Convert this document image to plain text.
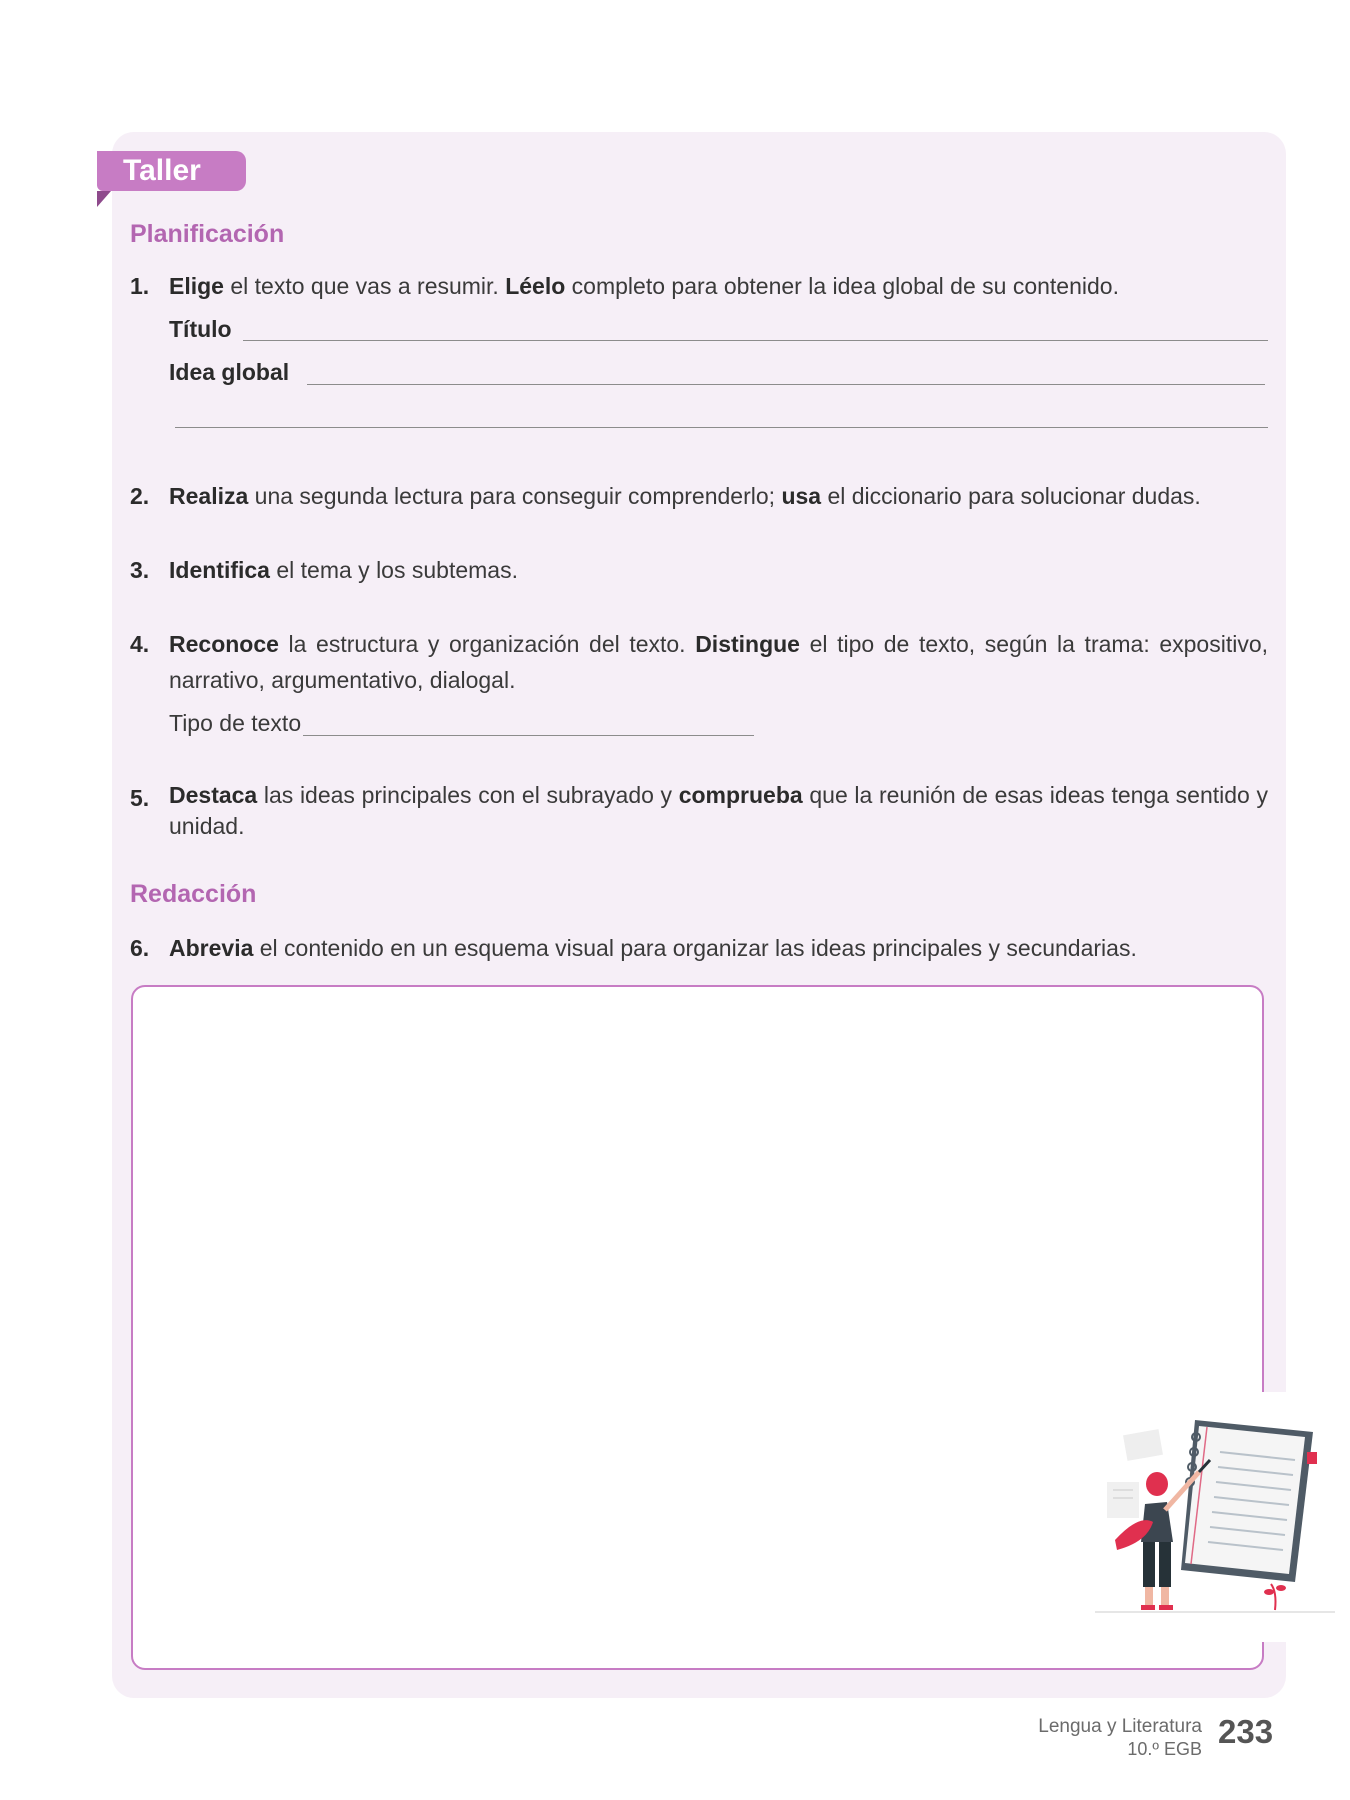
Taller
Planificación
1. Elige el texto que vas a resumir. Léelo completo para obtener la idea global de su contenido.
Título
Idea global
2. Realiza una segunda lectura para conseguir comprenderlo; usa el diccionario para solucionar dudas.
3. Identifica el tema y los subtemas.
4. Reconoce la estructura y organización del texto. Distingue el tipo de texto, según la trama: expositivo, narrativo, argumentativo, dialogal.
Tipo de texto
5. Destaca las ideas principales con el subrayado y comprueba que la reunión de esas ideas tenga sentido y unidad.
Redacción
6. Abrevia el contenido en un esquema visual para organizar las ideas principales y secundarias.
Lengua y Literatura
10.º EGB 233
